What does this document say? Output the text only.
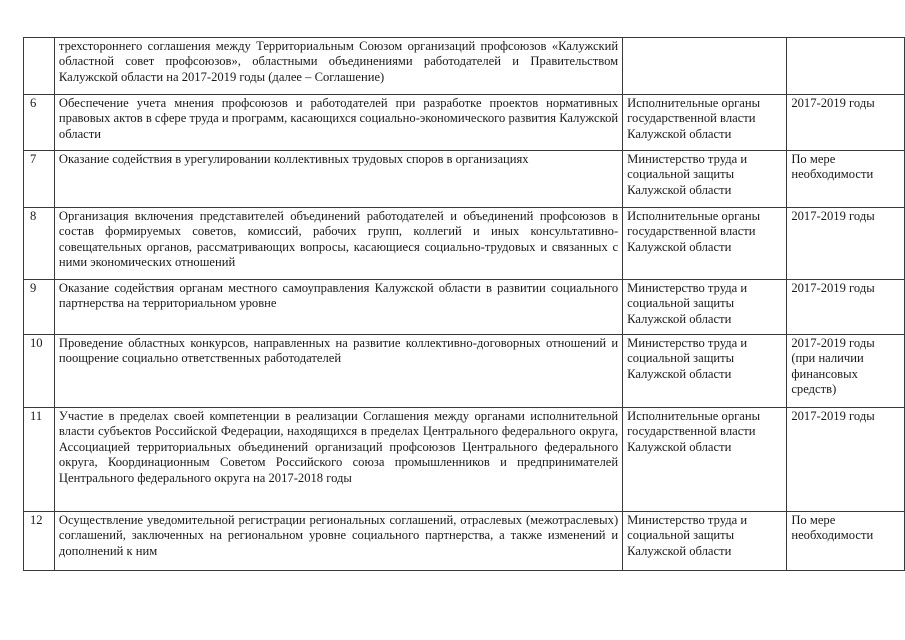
	трехстороннего соглашения между Территориальным Союзом организаций профсоюзов «Калужский областной совет профсоюзов», областными объединениями работодателей и Правительством Калужской области на 2017-2019 годы (далее – Соглашение)		
6	Обеспечение учета мнения профсоюзов и работодателей при разработке проектов нормативных правовых актов в сфере труда и программ, касающихся социально-экономического развития Калужской области	Исполнительные органы государственной власти Калужской области	2017-2019 годы
7	Оказание содействия в урегулировании коллективных трудовых споров в организациях	Министерство труда и социальной защиты Калужской области	По мере необходимости
8	Организация включения представителей объединений работодателей и объединений профсоюзов в состав формируемых советов, комиссий, рабочих групп, коллегий и иных консультативно-совещательных органов, рассматривающих вопросы, касающиеся социально-трудовых и связанных с ними экономических отношений	Исполнительные органы государственной власти Калужской области	2017-2019 годы
9	Оказание содействия органам местного самоуправления Калужской области в развитии социального партнерства на территориальном уровне	Министерство труда и социальной защиты Калужской области	2017-2019 годы
10	Проведение областных конкурсов, направленных на развитие коллективно-договорных отношений и поощрение социально ответственных работодателей	Министерство труда и социальной защиты Калужской области	2017-2019 годы (при наличии финансовых средств)
11	Участие в пределах своей компетенции в реализации Соглашения между органами исполнительной власти субъектов Российской Федерации, находящихся в пределах Центрального федерального округа, Ассоциацией территориальных объединений организаций профсоюзов Центрального федерального округа, Координационным Советом Российского союза промышленников и предпринимателей Центрального федерального округа на 2017-2018 годы	Исполнительные органы государственной власти Калужской области	2017-2019 годы
12	Осуществление уведомительной регистрации региональных соглашений, отраслевых (межотраслевых) соглашений, заключенных на региональном уровне социального партнерства, а также изменений и дополнений к ним	Министерство труда и социальной защиты Калужской области	По мере необходимости
